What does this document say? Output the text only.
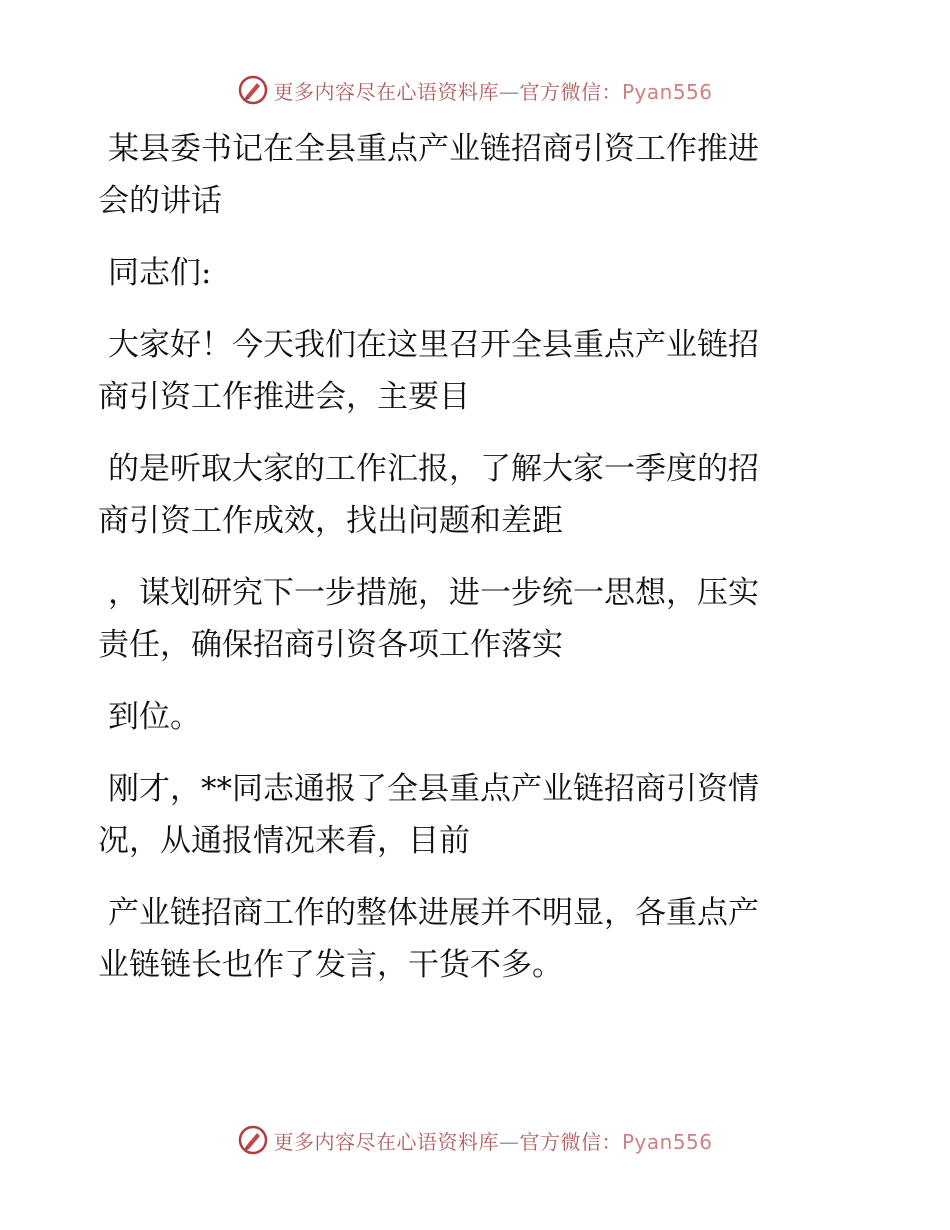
更多内容尽在心语资料库—官方微信：Pyan556
某县委书记在全县重点产业链招商引资工作推进
会的讲话
同志们:
大家好！今天我们在这里召开全县重点产业链招
商引资工作推进会，主要目
的是听取大家的工作汇报，了解大家一季度的招
商引资工作成效，找出问题和差距
，谋划研究下一步措施，进一步统一思想，压实
责任，确保招商引资各项工作落实
到位。
刚才，**同志通报了全县重点产业链招商引资情
况，从通报情况来看，目前
产业链招商工作的整体进展并不明显，各重点产
业链链长也作了发言，干货不多。
更多内容尽在心语资料库—官方微信：Pyan556
